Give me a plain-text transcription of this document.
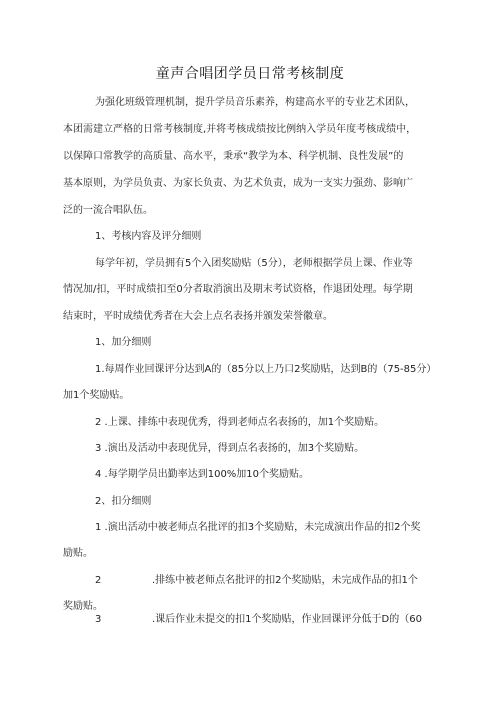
童声合唱团学员日常考核制度
为强化班级管理机制，提升学员音乐素养，构建高水平的专业艺术团队，
本团需建立严格的日常考核制度,并将考核成绩按比例纳入学员年度考核成绩中，
以保障口常教学的高质量、高水平，秉承“教学为本、科学机制、良性发展”的
基本原则，为学员负责、为家长负责、为艺术负责，成为一支实力强劲、影响广
泛的一流合唱队伍。
1、考核内容及评分细则
每学年初，学员拥有5个入团奖励贴（5分），老师根据学员上课、作业等
情况加/扣，平时成绩扣至0分者取消演出及期末考试资格，作退团处理。每学期
结束时，平时成绩优秀者在大会上点名表扬并颁发荣誉徽章。
1、加分细则
1.每周作业回课评分达到A的（85分以上乃口2奖励贴，达到B的（75-85分）
加1个奖励贴。
2 .上课、排练中表现优秀，得到老师点名表扬的，加1个奖励贴。
3 .演出及活动中表现优异，得到点名表扬的，加3个奖励贴。
4 .每学期学员出勤率达到100%加10个奖励贴。
2、扣分细则
1 .演出活动中被老师点名批评的扣3个奖励贴，未完成演出作品的扣2个奖
励贴。
2	.排练中被老师点名批评的扣2个奖励贴，未完成作品的扣1个
奖励贴。
3	.课后作业未提交的扣1个奖励贴，作业回课评分低于D的（60
